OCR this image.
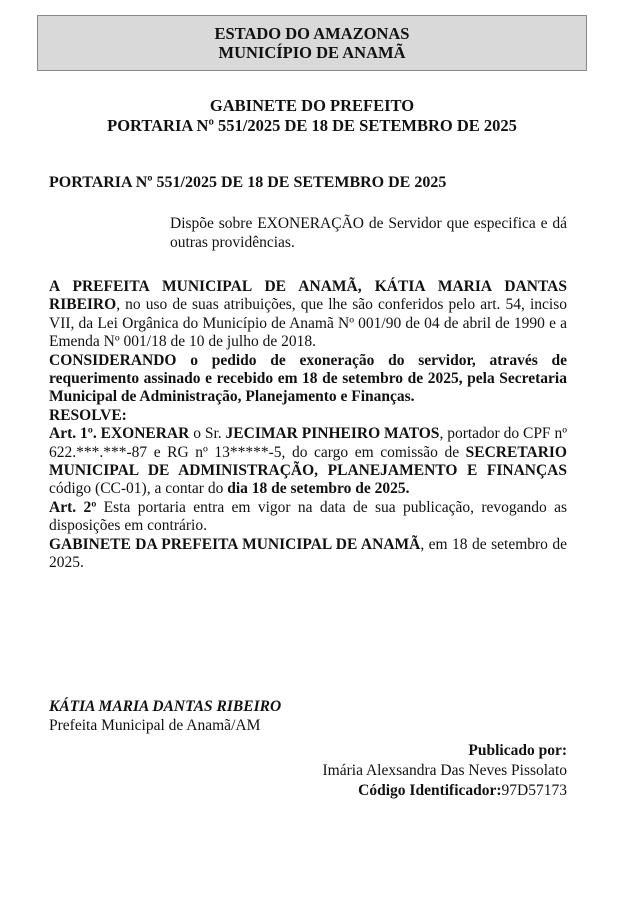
ESTADO DO AMAZONAS
MUNICÍPIO DE ANAMÃ
GABINETE DO PREFEITO
PORTARIA Nº 551/2025 DE 18 DE SETEMBRO DE 2025
PORTARIA Nº 551/2025 DE 18 DE SETEMBRO DE 2025
Dispõe sobre EXONERAÇÃO de Servidor que especifica e dá outras providências.

A PREFEITA MUNICIPAL DE ANAMÃ, KÁTIA MARIA DANTAS RIBEIRO, no uso de suas atribuições, que lhe são conferidos pelo art. 54, inciso VII, da Lei Orgânica do Município de Anamã Nº 001/90 de 04 de abril de 1990 e a Emenda Nº 001/18 de 10 de julho de 2018.

CONSIDERANDO o pedido de exoneração do servidor, através de requerimento assinado e recebido em 18 de setembro de 2025, pela Secretaria Municipal de Administração, Planejamento e Finanças.

RESOLVE:

Art. 1º. EXONERAR o Sr. JECIMAR PINHEIRO MATOS, portador do CPF nº 622.***.***-87 e RG nº 13*****-5, do cargo em comissão de SECRETARIO MUNICIPAL DE ADMINISTRAÇÃO, PLANEJAMENTO E FINANÇAS código (CC-01), a contar do dia 18 de setembro de 2025.

Art. 2º Esta portaria entra em vigor na data de sua publicação, revogando as disposições em contrário.

GABINETE DA PREFEITA MUNICIPAL DE ANAMÃ, em 18 de setembro de 2025.

KÁTIA MARIA DANTAS RIBEIRO
Prefeita Municipal de Anamã/AM
Publicado por:
Imária Alexsandra Das Neves Pissolato
Código Identificador:97D57173
